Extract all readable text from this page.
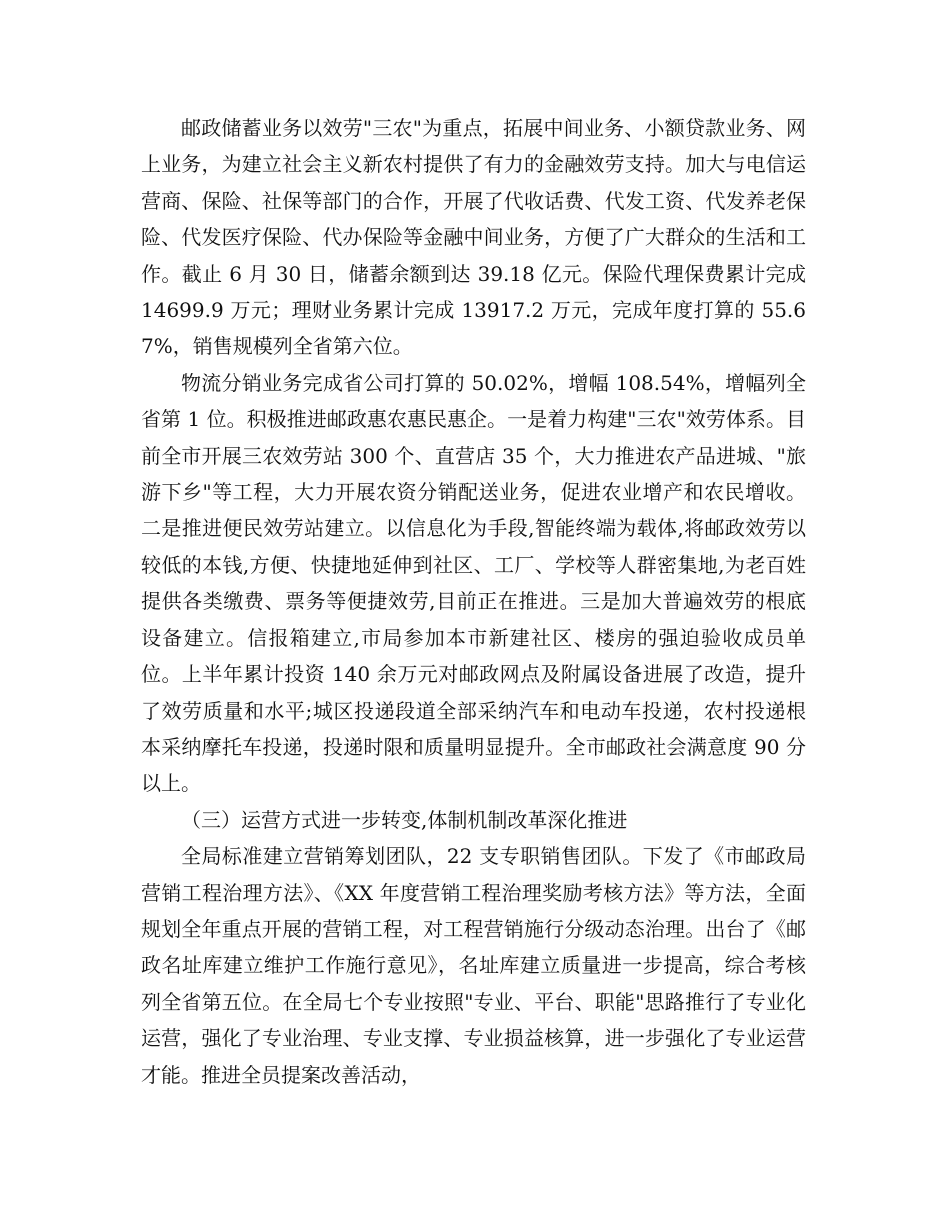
邮政储蓄业务以效劳"三农"为重点，拓展中间业务、小额贷款业务、网上业务，为建立社会主义新农村提供了有力的金融效劳支持。加大与电信运营商、保险、社保等部门的合作，开展了代收话费、代发工资、代发养老保险、代发医疗保险、代办保险等金融中间业务，方便了广大群众的生活和工作。截止 6 月 30 日，储蓄余额到达 39.18 亿元。保险代理保费累计完成 14699.9 万元；理财业务累计完成 13917.2 万元，完成年度打算的 55.67%，销售规模列全省第六位。

物流分销业务完成省公司打算的 50.02%，增幅 108.54%，增幅列全省第 1 位。积极推进邮政惠农惠民惠企。一是着力构建"三农"效劳体系。目前全市开展三农效劳站 300 个、直营店 35 个，大力推进农产品进城、"旅游下乡"等工程，大力开展农资分销配送业务，促进农业增产和农民增收。二是推进便民效劳站建立。以信息化为手段,智能终端为载体,将邮政效劳以较低的本钱,方便、快捷地延伸到社区、工厂、学校等人群密集地,为老百姓提供各类缴费、票务等便捷效劳,目前正在推进。三是加大普遍效劳的根底设备建立。信报箱建立,市局参加本市新建社区、楼房的强迫验收成员单位。上半年累计投资 140 余万元对邮政网点及附属设备进展了改造，提升了效劳质量和水平;城区投递段道全部采纳汽车和电动车投递，农村投递根本采纳摩托车投递，投递时限和质量明显提升。全市邮政社会满意度 90 分以上。

（三）运营方式进一步转变,体制机制改革深化推进

全局标准建立营销筹划团队，22 支专职销售团队。下发了《市邮政局营销工程治理方法》、《XX 年度营销工程治理奖励考核方法》等方法，全面规划全年重点开展的营销工程，对工程营销施行分级动态治理。出台了《邮政名址库建立维护工作施行意见》，名址库建立质量进一步提高，综合考核列全省第五位。在全局七个专业按照"专业、平台、职能"思路推行了专业化运营，强化了专业治理、专业支撑、专业损益核算，进一步强化了专业运营才能。推进全员提案改善活动，
